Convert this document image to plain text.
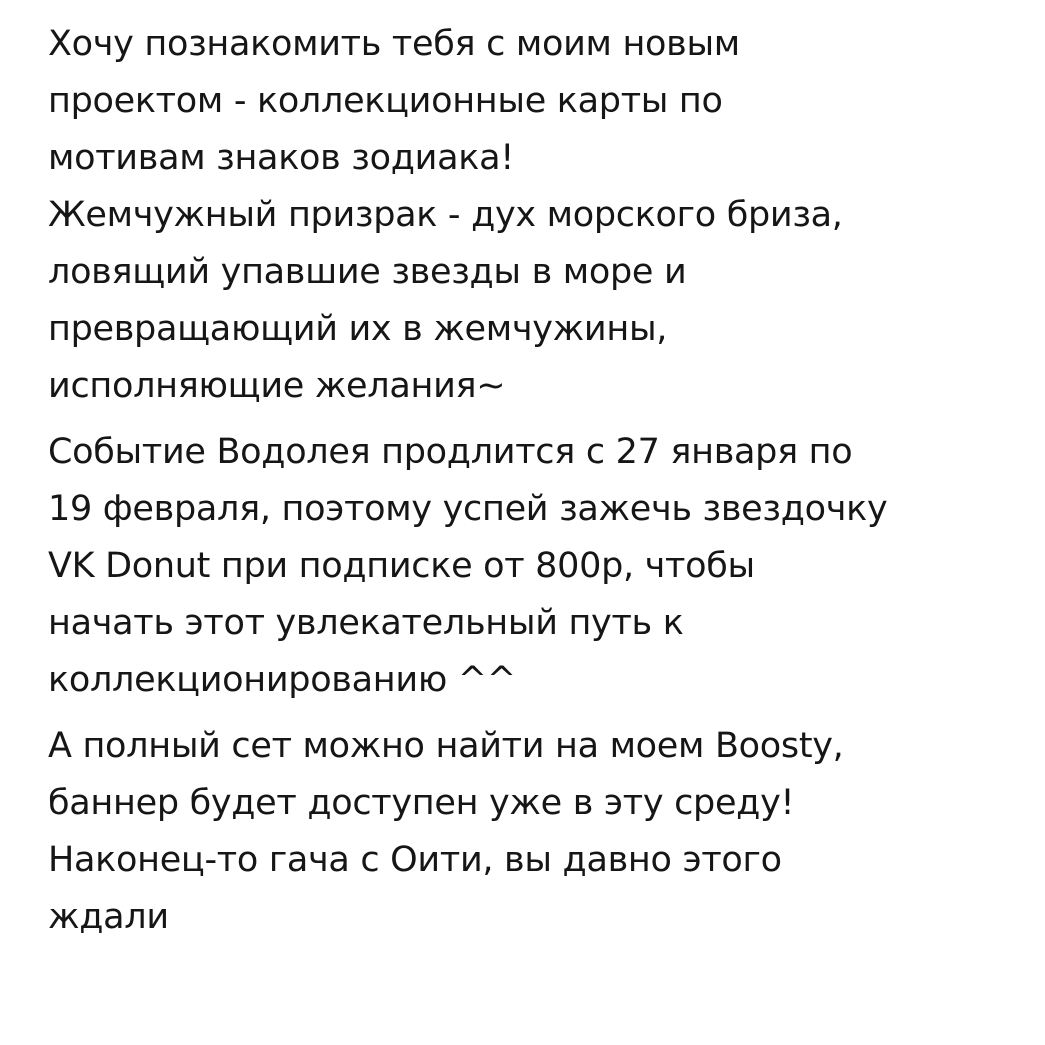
Хочу познакомить тебя с моим новым
проектом - коллекционные карты по
мотивам знаков зодиака!
Жемчужный призрак - дух морского бриза,
ловящий упавшие звезды в море и
превращающий их в жемчужины,
исполняющие желания~

Событие Водолея продлится с 27 января по
19 февраля, поэтому успей зажечь звездочку
VK Donut при подписке от 800р, чтобы
начать этот увлекательный путь к
коллекционированию ^^

А полный сет можно найти на моем Boosty,
баннер будет доступен уже в эту среду!
Наконец-то гача с Оити, вы давно этого
ждали
